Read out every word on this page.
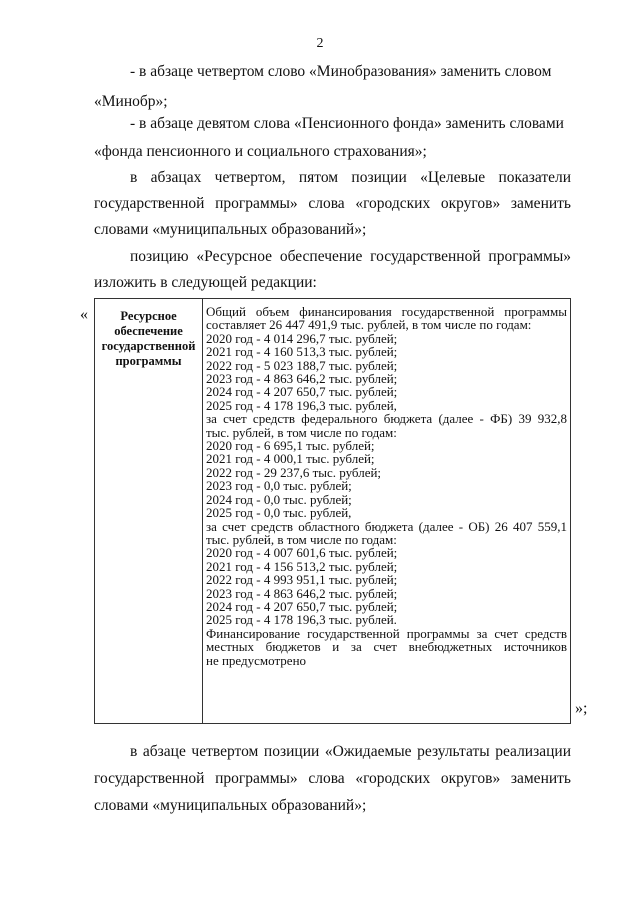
2
- в абзаце четвертом слово «Минобразования» заменить словом
«Минобр»;
- в абзаце девятом слова «Пенсионного фонда» заменить словами
«фонда пенсионного и социального страхования»;
в абзацах четвертом, пятом позиции «Целевые показатели
государственной программы» слова «городских округов» заменить
словами «муниципальных образований»;
позицию «Ресурсное обеспечение государственной программы»
изложить в следующей редакции:
«	Ресурсное
обеспечение
государственной
программы
Общий объем финансирования государственной программы
составляет 26 447 491,9 тыс. рублей, в том числе по годам:
2020 год - 4 014 296,7 тыс. рублей;
2021 год - 4 160 513,3 тыс. рублей;
2022 год - 5 023 188,7 тыс. рублей;
2023 год - 4 863 646,2 тыс. рублей;
2024 год - 4 207 650,7 тыс. рублей;
2025 год - 4 178 196,3 тыс. рублей,
за счет средств федерального бюджета (далее - ФБ) 39 932,8
тыс. рублей, в том числе по годам:
2020 год - 6 695,1 тыс. рублей;
2021 год - 4 000,1 тыс. рублей;
2022 год - 29 237,6 тыс. рублей;
2023 год - 0,0 тыс. рублей;
2024 год - 0,0 тыс. рублей;
2025 год - 0,0 тыс. рублей,
за счет средств областного бюджета (далее - ОБ) 26 407 559,1
тыс. рублей, в том числе по годам:
2020 год - 4 007 601,6 тыс. рублей;
2021 год - 4 156 513,2 тыс. рублей;
2022 год - 4 993 951,1 тыс. рублей;
2023 год - 4 863 646,2 тыс. рублей;
2024 год - 4 207 650,7 тыс. рублей;
2025 год - 4 178 196,3 тыс. рублей.
Финансирование государственной программы за счет средств
местных бюджетов и за счет внебюджетных источников
не предусмотрено
»;
в абзаце четвертом позиции «Ожидаемые результаты реализации
государственной программы» слова «городских округов» заменить
словами «муниципальных образований»;
